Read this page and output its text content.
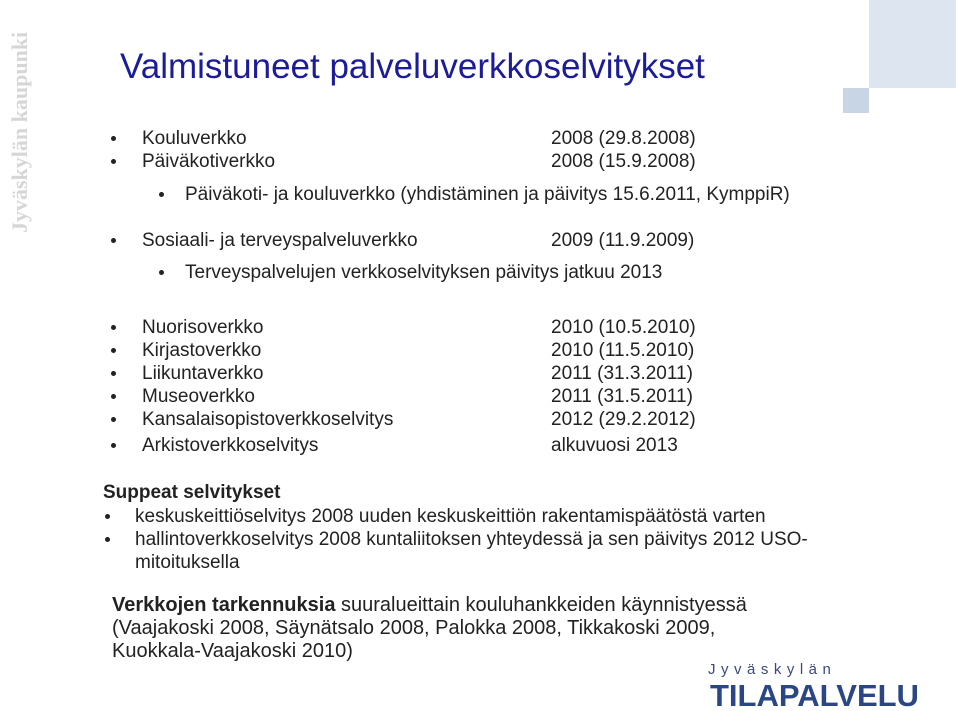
Jyväskylän kaupunki	Valmistuneet palveluverkkoselvitykset
Kouluverkko	2008 (29.8.2008)
Päiväkotiverkko	2008 (15.9.2008)
Päiväkoti- ja kouluverkko (yhdistäminen ja päivitys 15.6.2011, KymppiR)
Sosiaali- ja terveyspalveluverkko	2009 (11.9.2009)
Terveyspalvelujen verkkoselvityksen päivitys jatkuu 2013
Nuorisoverkko	2010 (10.5.2010)
Kirjastoverkko	2010 (11.5.2010)
Liikuntaverkko	2011 (31.3.2011)
Museoverkko	2011 (31.5.2011)
Kansalaisopistoverkkoselvitys	2012 (29.2.2012)
Arkistoverkkoselvitys	alkuvuosi 2013
Suppeat selvitykset
keskuskeittiöselvitys 2008 uuden keskuskeittiön rakentamispäätöstä varten
hallintoverkkoselvitys 2008 kuntaliitoksen yhteydessä ja sen päivitys 2012 USO-
mitoituksella
Verkkojen tarkennuksia suuralueittain kouluhankkeiden käynnistyessä
(Vaajakoski 2008, Säynätsalo 2008, Palokka 2008, Tikkakoski 2009,
Kuokkala-Vaajakoski 2010)
Jyväskylän
TILAPALVELU
